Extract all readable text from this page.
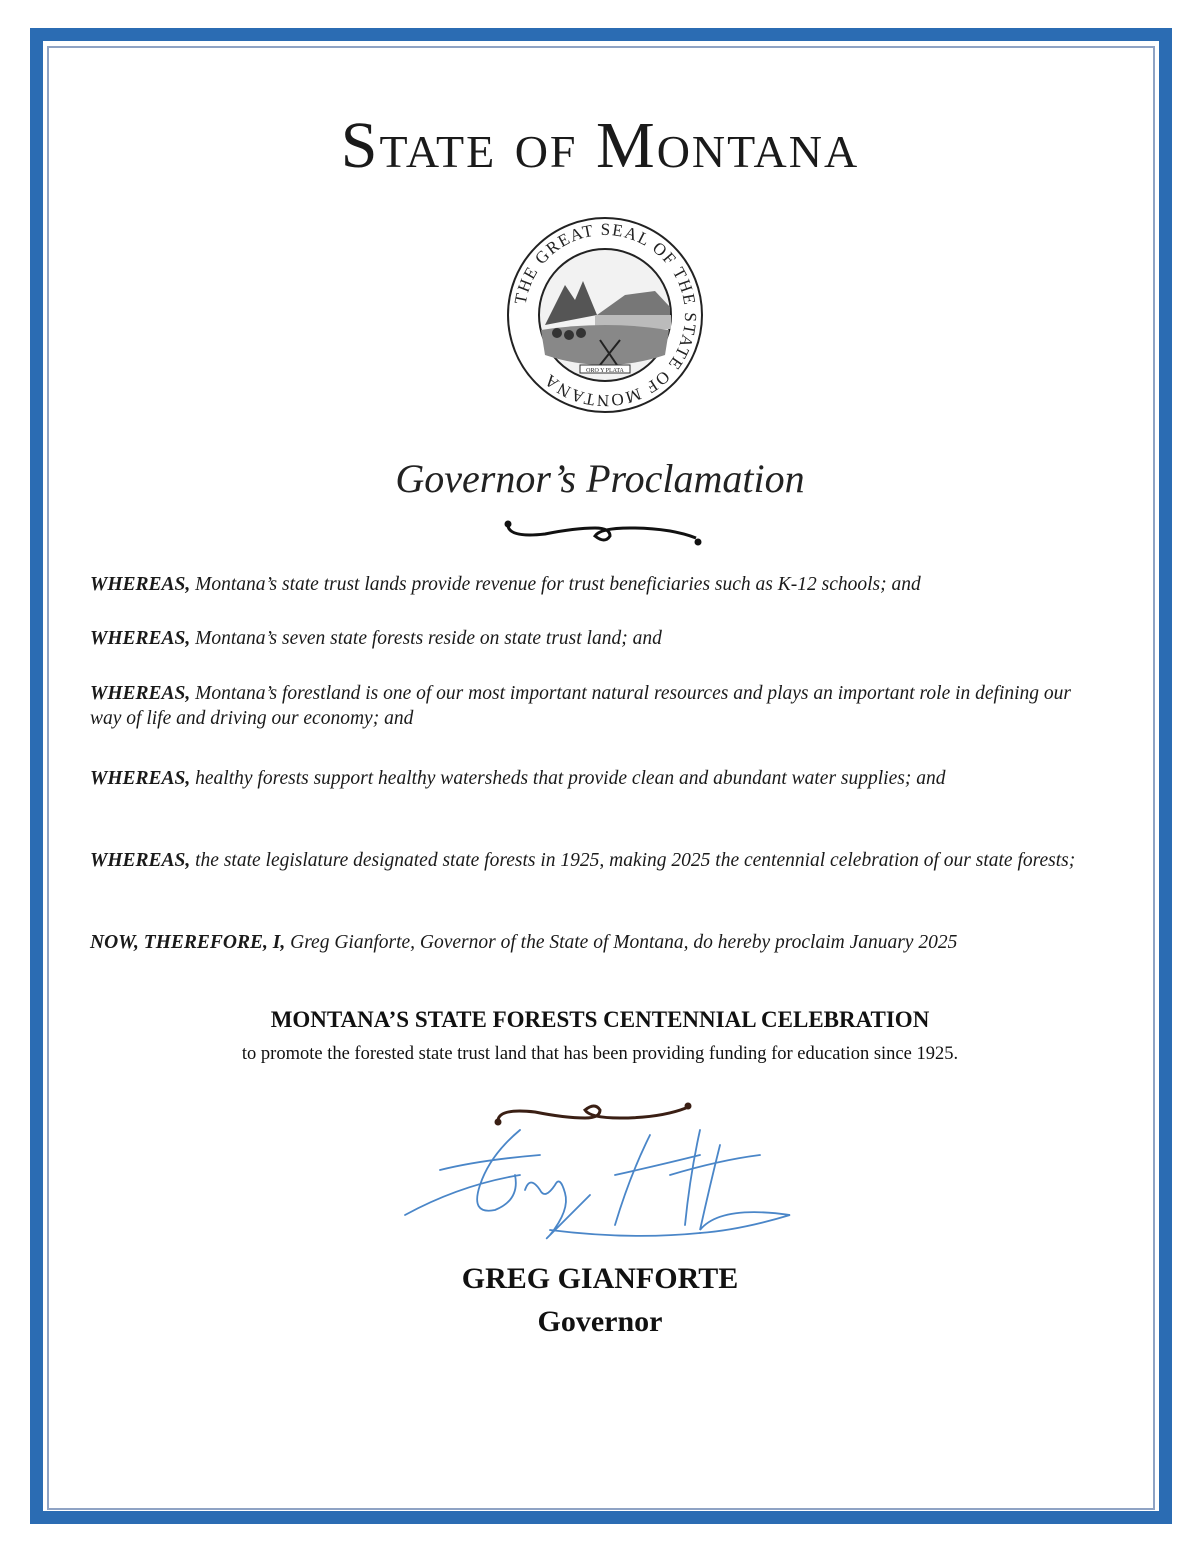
State of Montana
THE GREAT SEAL OF THE STATE OF MONTANA	ORO Y PLATA
Governor’s Proclamation
WHEREAS, Montana’s state trust lands provide revenue for trust beneficiaries such as K-12 schools; and
WHEREAS, Montana’s seven state forests reside on state trust land; and
WHEREAS, Montana’s forestland is one of our most important natural resources and plays an important role in defining our way of life and driving our economy; and
WHEREAS, healthy forests support healthy watersheds that provide clean and abundant water supplies; and
WHEREAS, the state legislature designated state forests in 1925, making 2025 the centennial celebration of our state forests;
NOW, THEREFORE, I, Greg Gianforte, Governor of the State of Montana, do hereby proclaim January 2025
MONTANA’S STATE FORESTS CENTENNIAL CELEBRATION
to promote the forested state trust land that has been providing funding for education since 1925.
GREG GIANFORTE
Governor
